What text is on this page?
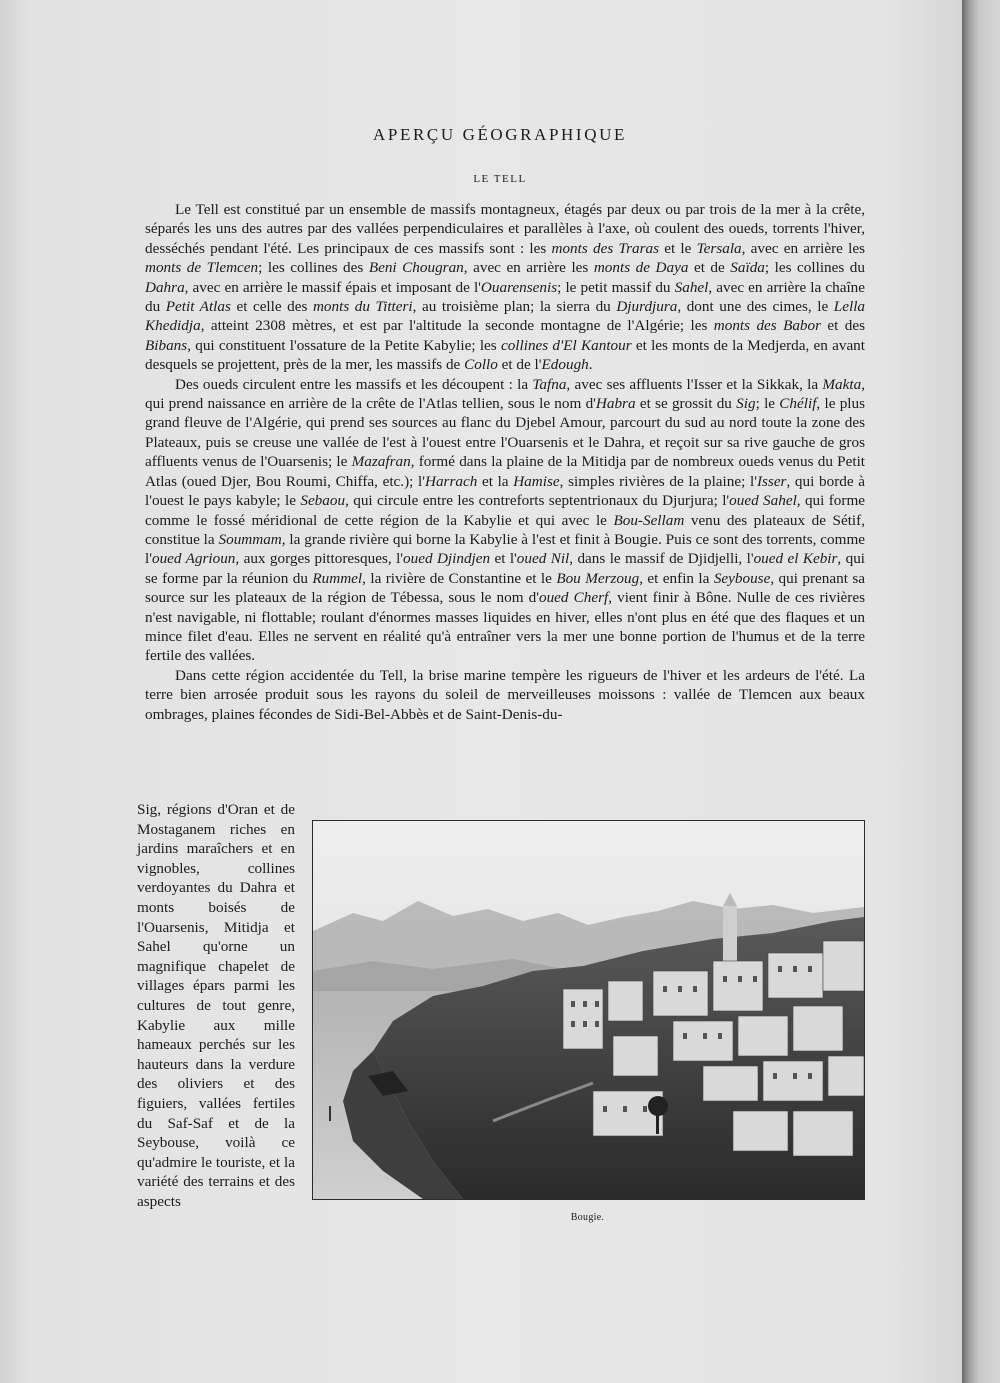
APERÇU GÉOGRAPHIQUE
LE TELL

Le Tell est constitué par un ensemble de massifs montagneux, étagés par deux ou par trois de la mer à la crête, séparés les uns des autres par des vallées perpendiculaires et parallèles à l'axe, où coulent des oueds, torrents l'hiver, desséchés pendant l'été. Les principaux de ces massifs sont : les monts des Traras et le Tersala, avec en arrière les monts de Tlemcen; les collines des Beni Chougran, avec en arrière les monts de Daya et de Saïda; les collines du Dahra, avec en arrière le massif épais et imposant de l'Ouarensenis; le petit massif du Sahel, avec en arrière la chaîne du Petit Atlas et celle des monts du Titteri, au troisième plan; la sierra du Djurdjura, dont une des cimes, le Lella Khedidja, atteint 2308 mètres, et est par l'altitude la seconde montagne de l'Algérie; les monts des Babor et des Bibans, qui constituent l'ossature de la Petite Kabylie; les collines d'El Kantour et les monts de la Medjerda, en avant desquels se projettent, près de la mer, les massifs de Collo et de l'Edough.

Des oueds circulent entre les massifs et les découpent : la Tafna, avec ses affluents l'Isser et la Sikkak, la Makta, qui prend naissance en arrière de la crête de l'Atlas tellien, sous le nom d'Habra et se grossit du Sig; le Chélif, le plus grand fleuve de l'Algérie, qui prend ses sources au flanc du Djebel Amour, parcourt du sud au nord toute la zone des Plateaux, puis se creuse une vallée de l'est à l'ouest entre l'Ouarsenis et le Dahra, et reçoit sur sa rive gauche de gros affluents venus de l'Ouarsenis; le Mazafran, formé dans la plaine de la Mitidja par de nombreux oueds venus du Petit Atlas (oued Djer, Bou Roumi, Chiffa, etc.); l'Harrach et la Hamise, simples rivières de la plaine; l'Isser, qui borde à l'ouest le pays kabyle; le Sebaou, qui circule entre les contreforts septentrionaux du Djurjura; l'oued Sahel, qui forme comme le fossé méridional de cette région de la Kabylie et qui avec le Bou-Sellam venu des plateaux de Sétif, constitue la Soummam, la grande rivière qui borne la Kabylie à l'est et finit à Bougie. Puis ce sont des torrents, comme l'oued Agrioun, aux gorges pittoresques, l'oued Djindjen et l'oued Nil, dans le massif de Djidjelli, l'oued el Kebir, qui se forme par la réunion du Rummel, la rivière de Constantine et le Bou Merzoug, et enfin la Seybouse, qui prenant sa source sur les plateaux de la région de Tébessa, sous le nom d'oued Cherf, vient finir à Bône. Nulle de ces rivières n'est navigable, ni flottable; roulant d'énormes masses liquides en hiver, elles n'ont plus en été que des flaques et un mince filet d'eau. Elles ne servent en réalité qu'à entraîner vers la mer une bonne portion de l'humus et de la terre fertile des vallées.

Dans cette région accidentée du Tell, la brise marine tempère les rigueurs de l'hiver et les ardeurs de l'été. La terre bien arrosée produit sous les rayons du soleil de merveilleuses moissons : vallée de Tlemcen aux beaux ombrages, plaines fécondes de Sidi-Bel-Abbès et de Saint-Denis-du-

Sig, régions d'Oran et de Mostaganem riches en jardins maraîchers et en vignobles, collines verdoyantes du Dahra et monts boisés de l'Ouarsenis, Mitidja et Sahel qu'orne un magnifique chapelet de villages épars parmi les cultures de tout genre, Kabylie aux mille hameaux perchés sur les hauteurs dans la verdure des oliviers et des figuiers, vallées fertiles du Saf-Saf et de la Seybouse, voilà ce qu'admire le touriste, et la variété des terrains et des aspects

Bougie.
